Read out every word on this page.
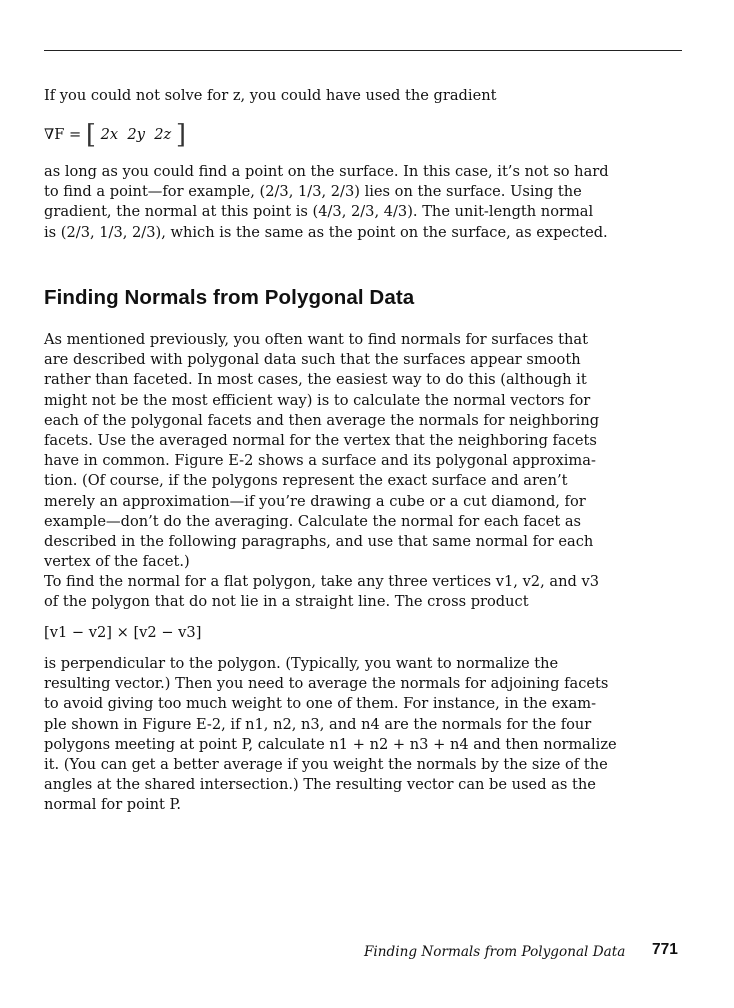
If you could not solve for z, you could have used the gradient

∇F = [ 2x 2y 2z ]

as long as you could find a point on the surface. In this case, it’s not so hard
to find a point—for example, (2/3, 1/3, 2/3) lies on the surface. Using the
gradient, the normal at this point is (4/3, 2/3, 4/3). The unit-length normal
is (2/3, 1/3, 2/3), which is the same as the point on the surface, as expected.

Finding Normals from Polygonal Data

As mentioned previously, you often want to find normals for surfaces that
are described with polygonal data such that the surfaces appear smooth
rather than faceted. In most cases, the easiest way to do this (although it
might not be the most efficient way) is to calculate the normal vectors for
each of the polygonal facets and then average the normals for neighboring
facets. Use the averaged normal for the vertex that the neighboring facets
have in common. Figure E-2 shows a surface and its polygonal approxima-
tion. (Of course, if the polygons represent the exact surface and aren’t
merely an approximation—if you’re drawing a cube or a cut diamond, for
example—don’t do the averaging. Calculate the normal for each facet as
described in the following paragraphs, and use that same normal for each
vertex of the facet.)

To find the normal for a flat polygon, take any three vertices v1, v2, and v3
of the polygon that do not lie in a straight line. The cross product

[v1 − v2] × [v2 − v3]

is perpendicular to the polygon. (Typically, you want to normalize the
resulting vector.) Then you need to average the normals for adjoining facets
to avoid giving too much weight to one of them. For instance, in the exam-
ple shown in Figure E-2, if n1, n2, n3, and n4 are the normals for the four
polygons meeting at point P, calculate n1 + n2 + n3 + n4 and then normalize
it. (You can get a better average if you weight the normals by the size of the
angles at the shared intersection.) The resulting vector can be used as the
normal for point P.

Finding Normals from Polygonal Data 771
